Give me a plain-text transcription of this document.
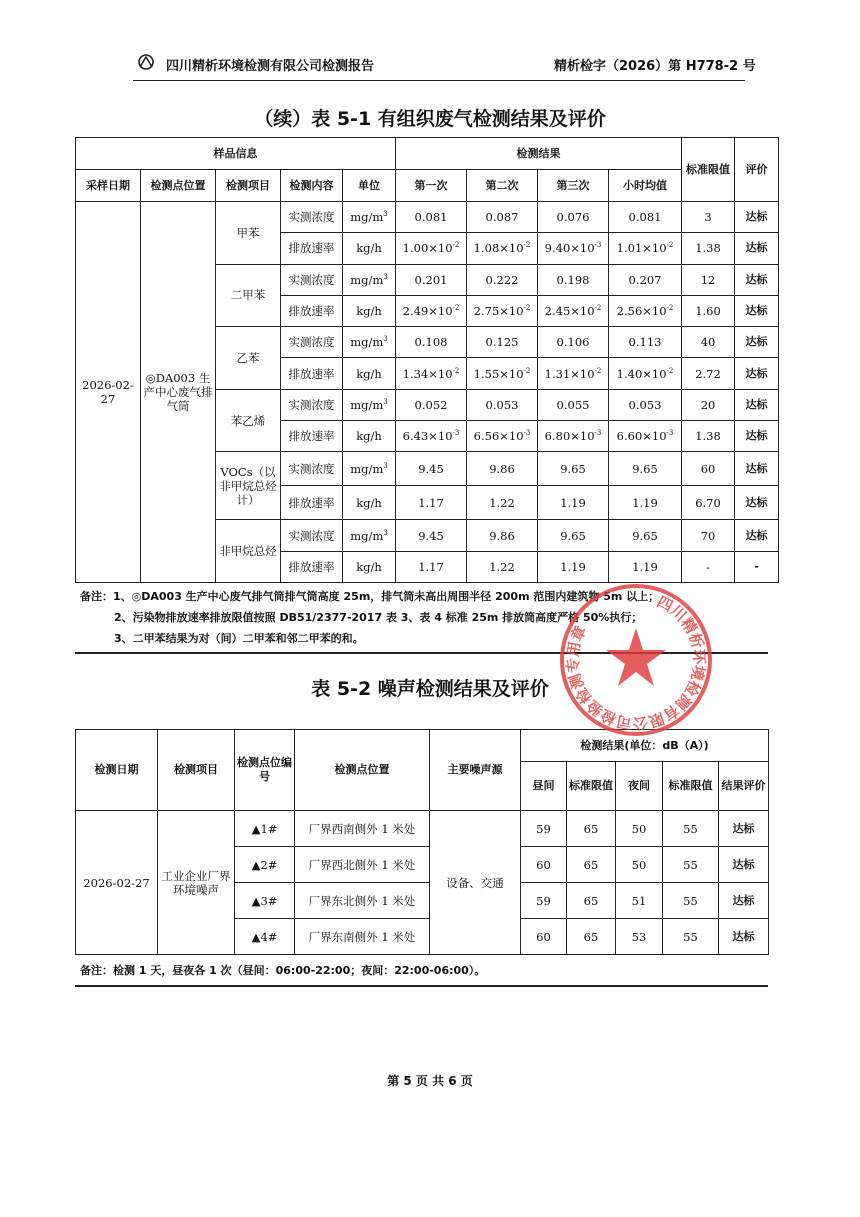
四川精析环境检测有限公司检测报告	精析检字（2026）第 H778-2 号
（续）表 5-1 有组织废气检测结果及评价
样品信息					检测结果				标准限值	评价
采样日期	检测点位置	检测项目	检测内容	单位	第一次	第二次	第三次	小时均值		
2026-02-27	◎DA003 生产中心废气排气筒	甲苯	实测浓度	$mg/m^3$	0.081	0.087	0.076	0.081	3	达标
			排放速率	kg/h	$1.00\times 10^{-2}$	$1.08\times 10^{-2}$	$9.40\times 10^{-3}$	$1.01\times 10^{-2}$	1.38	达标
		二甲苯	实测浓度	$mg/m^3$	0.201	0.222	0.198	0.207	12	达标
			排放速率	kg/h	$2.49\times 10^{-2}$	$2.75\times 10^{-2}$	$2.45\times 10^{-2}$	$2.56\times 10^{-2}$	1.60	达标
		乙苯	实测浓度	$mg/m^3$	0.108	0.125	0.106	0.113	40	达标
			排放速率	kg/h	$1.34\times 10^{-2}$	$1.55\times 10^{-2}$	$1.31\times 10^{-2}$	$1.40\times 10^{-2}$	2.72	达标
		苯乙烯	实测浓度	$mg/m^3$	0.052	0.053	0.055	0.053	20	达标
			排放速率	kg/h	$6.43\times 10^{-3}$	$6.56\times 10^{-3}$	$6.80\times 10^{-3}$	$6.60\times 10^{-3}$	1.38	达标
		VOCs（以非甲烷总烃计）	实测浓度	$mg/m^3$	9.45	9.86	9.65	9.65	60	达标
			排放速率	kg/h	1.17	1.22	1.19	1.19	6.70	达标
		非甲烷总烃	实测浓度	$mg/m^3$	9.45	9.86	9.65	9.65	70	达标
			排放速率	kg/h	1.17	1.22	1.19	1.19	-	-
备注：1、◎DA003 生产中心废气排气筒排气筒高度 25m，排气筒未高出周围半径 200m 范围内建筑物 5m 以上；
2、污染物排放速率排放限值按照 DB51/2377-2017 表 3、表 4 标准 25m 排放筒高度严格 50%执行；
3、二甲苯结果为对（间）二甲苯和邻二甲苯的和。
表 5-2 噪声检测结果及评价
检测日期	检测项目	检测点位编号	检测点位置	主要噪声源	检测结果(单位：dB（A）)				
					昼间	标准限值	夜间	标准限值	结果评价
2026-02-27	工业企业厂界环境噪声	▲1#	厂界西南侧外 1 米处	设备、交通	59	65	50	55	达标
		▲2#	厂界西北侧外 1 米处		60	65	50	55	达标
		▲3#	厂界东北侧外 1 米处		59	65	51	55	达标
		▲4#	厂界东南侧外 1 米处		60	65	53	55	达标
备注：检测 1 天，昼夜各 1 次（昼间：06:00-22:00；夜间：22:00-06:00）。
第 5 页 共 6 页
四川精析环境检测有限公司检验检测专用章
